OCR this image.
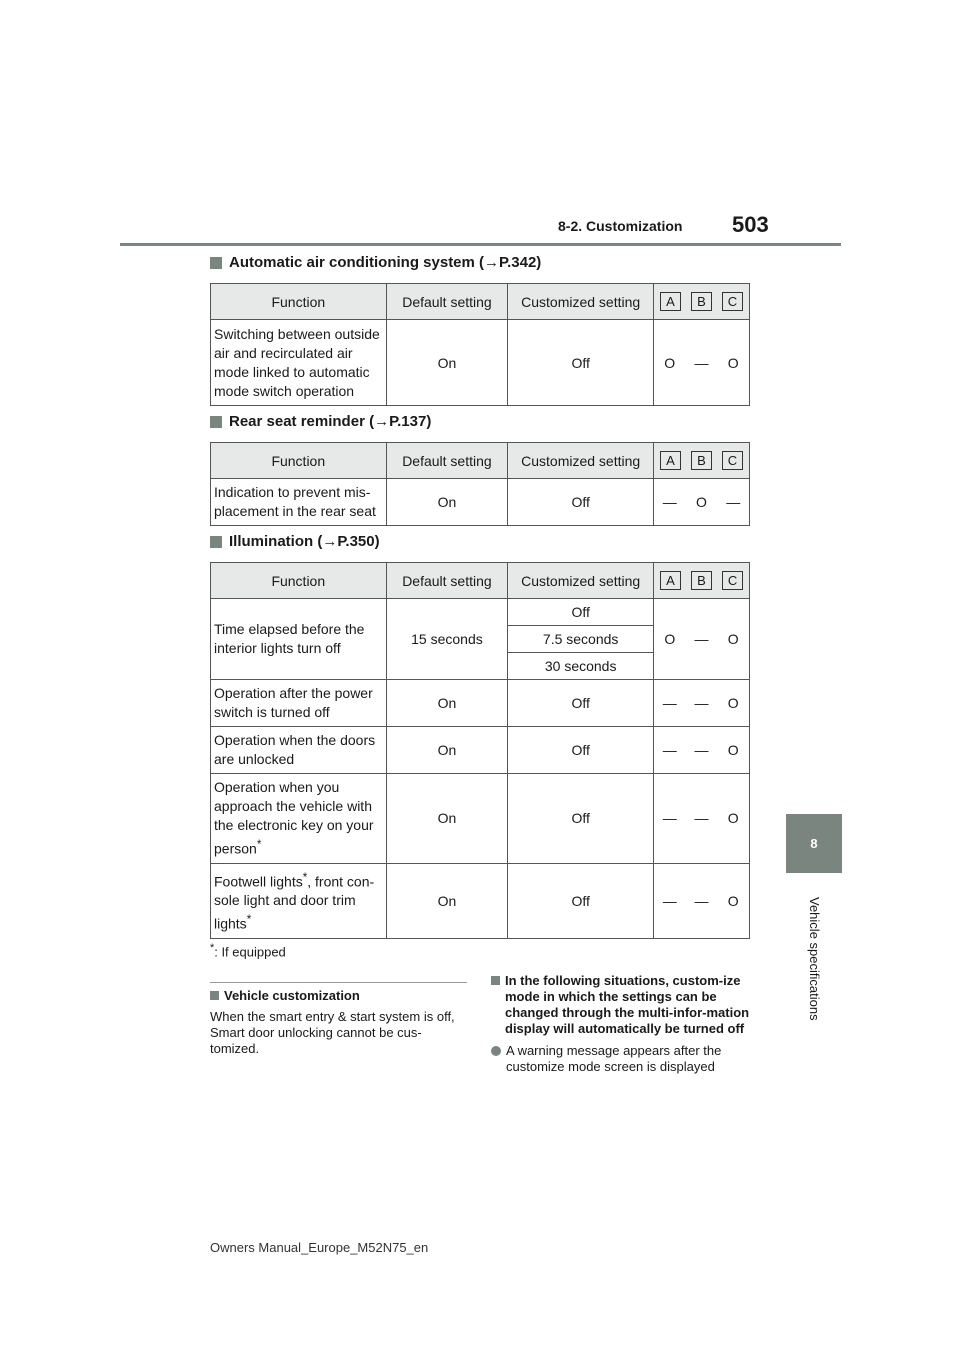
8-2. Customization 503
8
Vehicle specifications
Automatic air conditioning system (→P.342)
Function	Default setting	Customized setting	A B C		

Switching between outside air and recirculated air mode linked to automatic mode switch operation	On	Off	O	—	O
Rear seat reminder (→P.137)
Function	Default setting	Customized setting	A B C		

Indication to prevent mis-placement in the rear seat	On	Off	—	O	—
Illumination (→P.350)
Function	Default setting	Customized setting	A B C		

Time elapsed before the interior lights turn off	15 seconds	Off	O	—	O
		7.5 seconds			
		30 seconds			
Operation after the power switch is turned off	On	Off	—	—	O
Operation when the doors are unlocked	On	Off	—	—	O
Operation when you approach the vehicle with the electronic key on your person*	On	Off	—	—	O
Footwell lights*, front con-sole light and door trim lights*	On	Off	—	—	O
*: If equipped
Vehicle customization
When the smart entry & start system is off, Smart door unlocking cannot be cus-tomized.
In the following situations, custom-ize mode in which the settings can be changed through the multi-infor-mation display will automatically be turned off
A warning message appears after the customize mode screen is displayed
Owners Manual_Europe_M52N75_en
